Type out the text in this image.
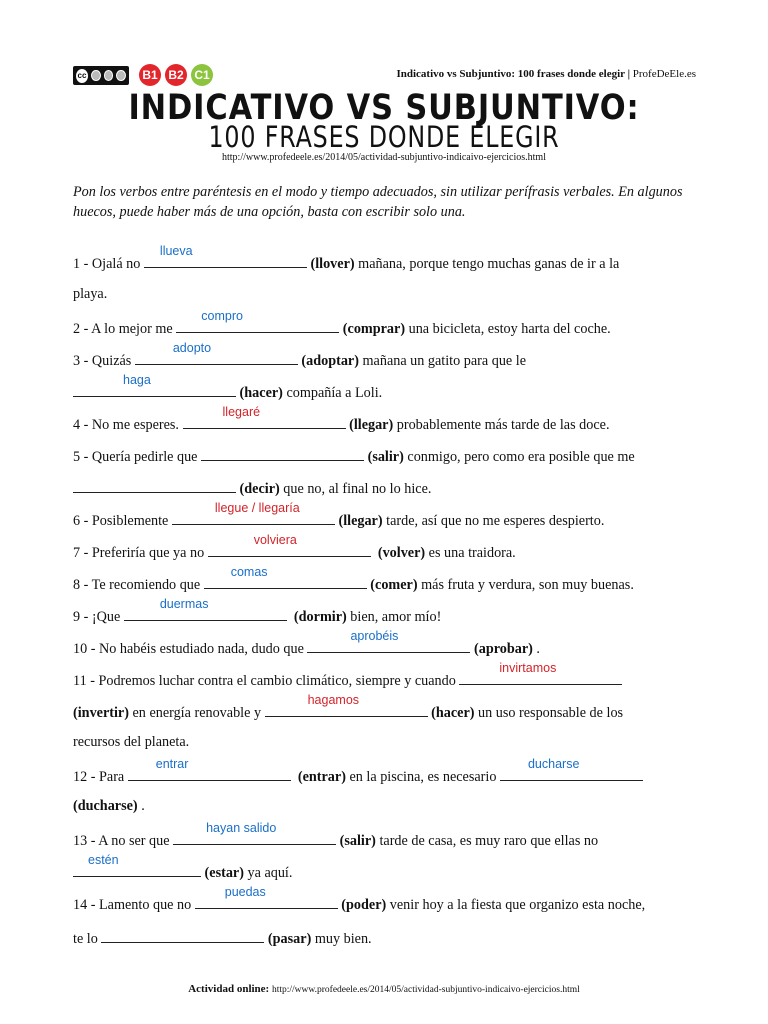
cc	B1 B2 C1	Indicativo vs Subjuntivo: 100 frases donde elegir | ProfeDeEle.es
INDICATIVO VS SUBJUNTIVO:
100 FRASES DONDE ELEGIR
http://www.profedeele.es/2014/05/actividad-subjuntivo-indicaivo-ejercicios.html
Pon los verbos entre paréntesis en el modo y tiempo adecuados, sin utilizar perífrasis verbales. En algunos huecos, puede haber más de una opción, basta con escribir solo una.
1 - Ojalá no
llueva
(llover) mañana, porque tengo muchas ganas de ir a la
playa.
2 - A lo mejor me
compro
(comprar) una bicicleta, estoy harta del coche.
3 - Quizás
adopto
(adoptar) mañana un gatito para que le
haga
(hacer) compañía a Loli.
4 - No me esperes.
llegaré
(llegar) probablemente más tarde de las doce.
5 - Quería pedirle que	(salir) conmigo, pero como era posible que me
(decir) que no, al final no lo hice.
6 - Posiblemente
llegue / llegaría
(llegar) tarde, así que no me esperes despierto.
7 - Preferiría que ya no
volviera
(volver) es una traidora.
8 - Te recomiendo que
comas
(comer) más fruta y verdura, son muy buenas.
9 - ¡Que
duermas
(dormir) bien, amor mío!
10 - No habéis estudiado nada, dudo que
aprobéis
(aprobar) .
11 - Podremos luchar contra el cambio climático, siempre y cuando
invirtamos
(invertir) en energía renovable y
hagamos
(hacer) un uso responsable de los
recursos del planeta.
12 - Para
entrar
(entrar) en la piscina, es necesario
ducharse
(ducharse) .
13 - A no ser que
hayan salido
(salir) tarde de casa, es muy raro que ellas no
estén
(estar) ya aquí.
14 - Lamento que no
puedas
(poder) venir hoy a la fiesta que organizo esta noche,
te lo	(pasar) muy bien.
Actividad online: http://www.profedeele.es/2014/05/actividad-subjuntivo-indicaivo-ejercicios.html
